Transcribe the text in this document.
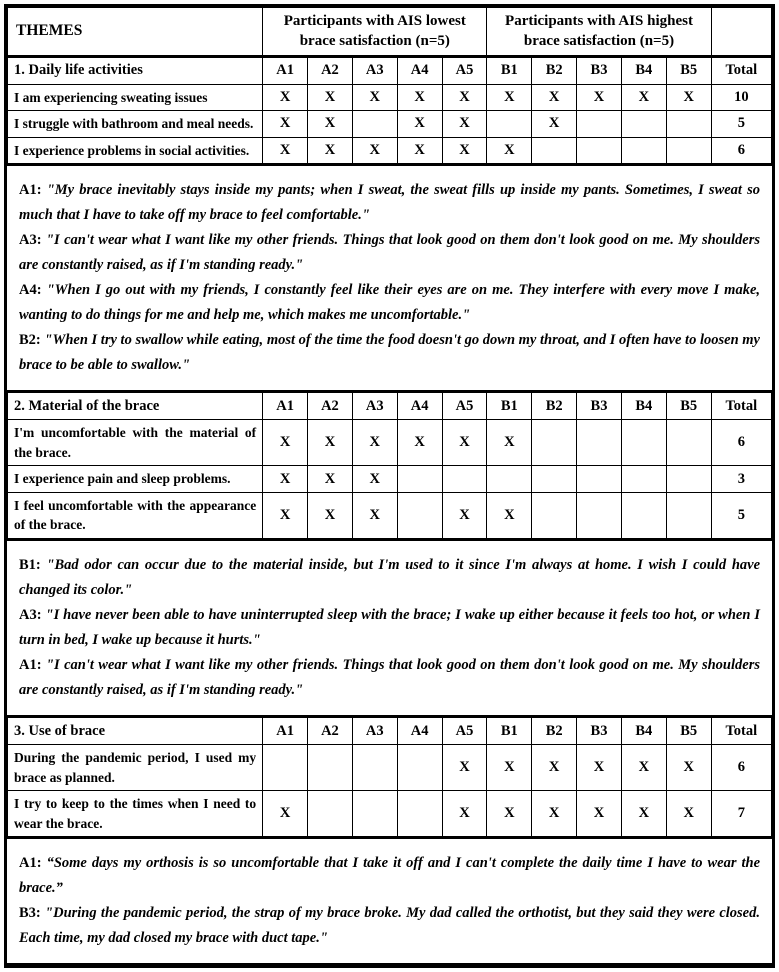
THEMES	Participants with AIS lowest brace satisfaction (n=5)	Participants with AIS highest brace satisfaction (n=5)	
1. Daily life activities	A1	A2	A3	A4	A5	B1	B2	B3	B4	B5	Total
I am experiencing sweating issues	X	X	X	X	X	X	X	X	X	X	10
I struggle with bathroom and meal needs.	X	X		X	X		X				5
I experience problems in social activities.	X	X	X	X	X	X					6

A1: "My brace inevitably stays inside my pants; when I sweat, the sweat fills up inside my pants. Sometimes, I sweat so much that I have to take off my brace to feel comfortable."

A3: "I can't wear what I want like my other friends. Things that look good on them don't look good on me. My shoulders are constantly raised, as if I'm standing ready."

A4: "When I go out with my friends, I constantly feel like their eyes are on me. They interfere with every move I make, wanting to do things for me and help me, which makes me uncomfortable."

B2: "When I try to swallow while eating, most of the time the food doesn't go down my throat, and I often have to loosen my brace to be able to swallow."

2. Material of the brace	A1	A2	A3	A4	A5	B1	B2	B3	B4	B5	Total
I'm uncomfortable with the material of the brace.	X	X	X	X	X	X					6
I experience pain and sleep problems.	X	X	X								3
I feel uncomfortable with the appearance of the brace.	X	X	X		X	X					5

B1: "Bad odor can occur due to the material inside, but I'm used to it since I'm always at home. I wish I could have changed its color."

A3: "I have never been able to have uninterrupted sleep with the brace; I wake up either because it feels too hot, or when I turn in bed, I wake up because it hurts."

A1: "I can't wear what I want like my other friends. Things that look good on them don't look good on me. My shoulders are constantly raised, as if I'm standing ready."

3. Use of brace	A1	A2	A3	A4	A5	B1	B2	B3	B4	B5	Total
During the pandemic period, I used my brace as planned.					X	X	X	X	X	X	6
I try to keep to the times when I need to wear the brace.	X				X	X	X	X	X	X	7

A1: “Some days my orthosis is so uncomfortable that I take it off and I can't complete the daily time I have to wear the brace.”

B3: "During the pandemic period, the strap of my brace broke. My dad called the orthotist, but they said they were closed. Each time, my dad closed my brace with duct tape."
